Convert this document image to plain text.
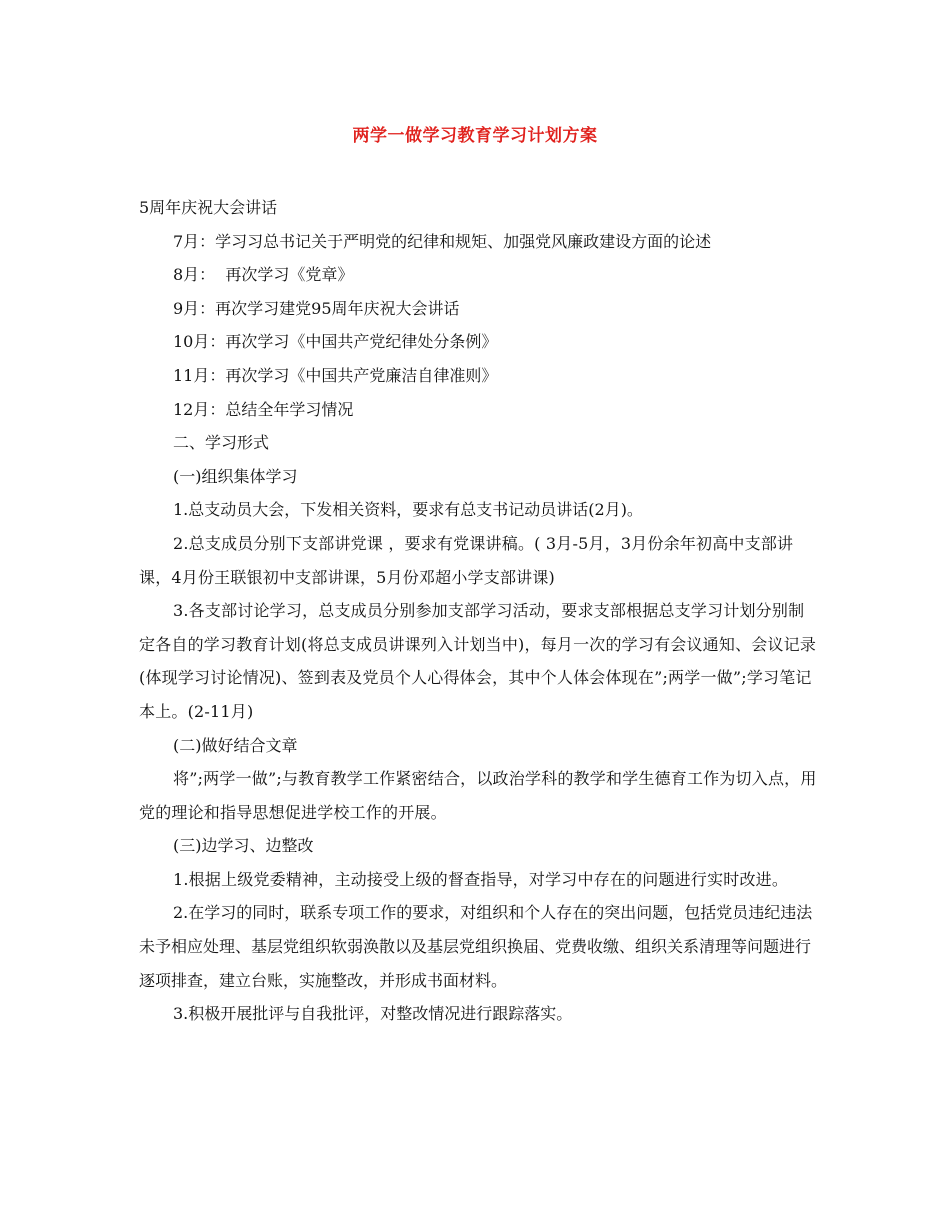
两学一做学习教育学习计划方案

5周年庆祝大会讲话

7月：学习习总书记关于严明党的纪律和规矩、加强党风廉政建设方面的论述

8月：  再次学习《党章》

9月：再次学习建党95周年庆祝大会讲话

10月：再次学习《中国共产党纪律处分条例》

11月：再次学习《中国共产党廉洁自律准则》

12月：总结全年学习情况

二、学习形式

(一)组织集体学习

1.总支动员大会，下发相关资料，要求有总支书记动员讲话(2月)。

2.总支成员分别下支部讲党课 ，要求有党课讲稿。( 3月-5月，3月份余年初高中支部讲课，4月份王联银初中支部讲课，5月份邓超小学支部讲课)

3.各支部讨论学习，总支成员分别参加支部学习活动，要求支部根据总支学习计划分别制定各自的学习教育计划(将总支成员讲课列入计划当中)，每月一次的学习有会议通知、会议记录(体现学习讨论情况)、签到表及党员个人心得体会，其中个人体会体现在”;两学一做”;学习笔记本上。(2-11月)

(二)做好结合文章

将”;两学一做”;与教育教学工作紧密结合，以政治学科的教学和学生德育工作为切入点，用党的理论和指导思想促进学校工作的开展。

(三)边学习、边整改

1.根据上级党委精神，主动接受上级的督查指导，对学习中存在的问题进行实时改进。

2.在学习的同时，联系专项工作的要求，对组织和个人存在的突出问题，包括党员违纪违法未予相应处理、基层党组织软弱涣散以及基层党组织换届、党费收缴、组织关系清理等问题进行逐项排查，建立台账，实施整改，并形成书面材料。

3.积极开展批评与自我批评，对整改情况进行跟踪落实。
